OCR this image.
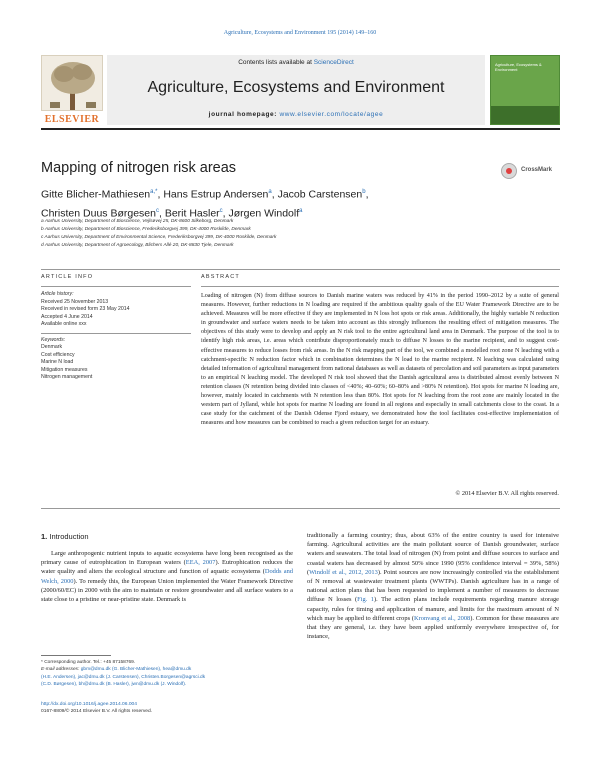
Agriculture, Ecosystems and Environment 195 (2014) 149–160
ELSEVIER
Contents lists available at ScienceDirect
Agriculture, Ecosystems and Environment
journal homepage: www.elsevier.com/locate/agee
Agriculture, Ecosystems & Environment
Mapping of nitrogen risk areas	CrossMark
Gitte Blicher-Mathiesen$^{a,*}$, Hans Estrup Andersen$^a$, Jacob Carstensen$^b$,
Christen Duus Børgesen$^c$, Berit Hasler$^c$, Jørgen Windolf$^a$
a Aarhus University, Department of Bioscience, Vejlsøvej 25, DK-8600 Silkeborg, Denmark
b Aarhus University, Department of Bioscience, Frederiksborgvej 399, DK-4000 Roskilde, Denmark
c Aarhus University, Department of Environmental Science, Frederiksborgvej 399, DK-4000 Roskilde, Denmark
d Aarhus University, Department of Agroecology, Blichers Allé 20, DK-8830 Tjele, Denmark
ARTICLE INFO	ABSTRACT
Article history:
Received 25 November 2013
Received in revised form 23 May 2014
Accepted 4 June 2014
Available online xxx
Keywords:
Denmark
Cost efficiency
Marine N load
Mitigation measures
Nitrogen management
Loading of nitrogen (N) from diffuse sources to Danish marine waters was reduced by 41% in the period 1990–2012 by a suite of general measures. However, further reductions in N loading are required if the ambitious quality goals of the EU Water Framework Directive are to be achieved. Measures will be more effective if they are implemented in N loss hot spots or risk areas. Additionally, the highly variable N reduction in groundwater and surface waters needs to be taken into account as this strongly influences the resulting effect of mitigation measures. The objectives of this study were to develop and apply an N risk tool to the entire agricultural land area in Denmark. The purpose of the tool is to identify high risk areas, i.e. areas which contribute disproportionately much to diffuse N losses to the marine recipient, and to suggest cost-effective measures to reduce losses from risk areas. In the N risk mapping part of the tool, we combined a modelled root zone N leaching with a catchment-specific N reduction factor which in combination determines the N load to the marine recipient. N leaching was calculated using detailed information of agricultural management from national databases as well as datasets of percolation and soil parameters as input parameters to an empirical N leaching model. The developed N risk tool showed that the Danish agricultural area is distributed almost evenly between N retention classes (N retention being divided into classes of <40%; 40–60%; 60–80% and >80% N retention). Hot spots for marine N loading are, however, mainly located in catchments with N retention less than 80%. Hot spots for N leaching from the root zone are mainly located in the western part of Jylland, while hot spots for marine N loading are found in all regions and especially in small catchments close to the coast. In a case study for the catchment of the Danish Odense Fjord estuary, we demonstrated how the tool facilitates cost-effective implementation of measures and how measures can be combined to reach a given reduction target for an estuary.
© 2014 Elsevier B.V. All rights reserved.
1. Introduction
Large anthropogenic nutrient inputs to aquatic ecosystems have long been recognised as the primary cause of eutrophication in European waters (EEA, 2007). Eutrophication reduces the water quality and alters the ecological structure and function of aquatic ecosystems (Dodds and Welch, 2000). To remedy this, the European Union implemented the Water Framework Directive (2000/60/EC) in 2000 with the aim to maintain or restore groundwater and all surface waters to a state close to a pristine or near-pristine state. Denmark is
traditionally a farming country; thus, about 63% of the entire country is used for intensive farming. Agricultural activities are the main pollutant source of Danish groundwater, surface waters and seawaters. The total load of nitrogen (N) from point and diffuse sources to surface and coastal waters has decreased by almost 50% since 1990 (95% confidence interval = 39%, 58%) (Windolf et al., 2012, 2013). Point sources are now increasingly controlled via the establishment of N removal at wastewater treatment plants (WWTPs). Danish agriculture has in a range of national action plans that has been requested to implement a number of measures to decrease diffuse N losses (Fig. 1). The action plans include requirements regarding manure storage capacity, rules for timing and application of manure, and limits for the maximum amount of N which may be applied to different crops (Kronvang et al., 2008). Common for these measures are that they are general, i.e. they have been applied uniformly everywhere irrespective of, for instance,
* Corresponding author. Tel.: +45 87158769.
E-mail addresses: gbm@dmu.dk (G. Blicher-Mathiesen), hea@dmu.dk
(H.E. Andersen), jac@dmu.dk (J. Carstensen), Christen.Borgesen@agrsci.dk
(C.D. Børgesen), bh@dmu.dk (B. Hasler), jwn@dmu.dk (J. Windolf).
http://dx.doi.org/10.1016/j.agee.2014.06.004
0167-8809/© 2014 Elsevier B.V. All rights reserved.
